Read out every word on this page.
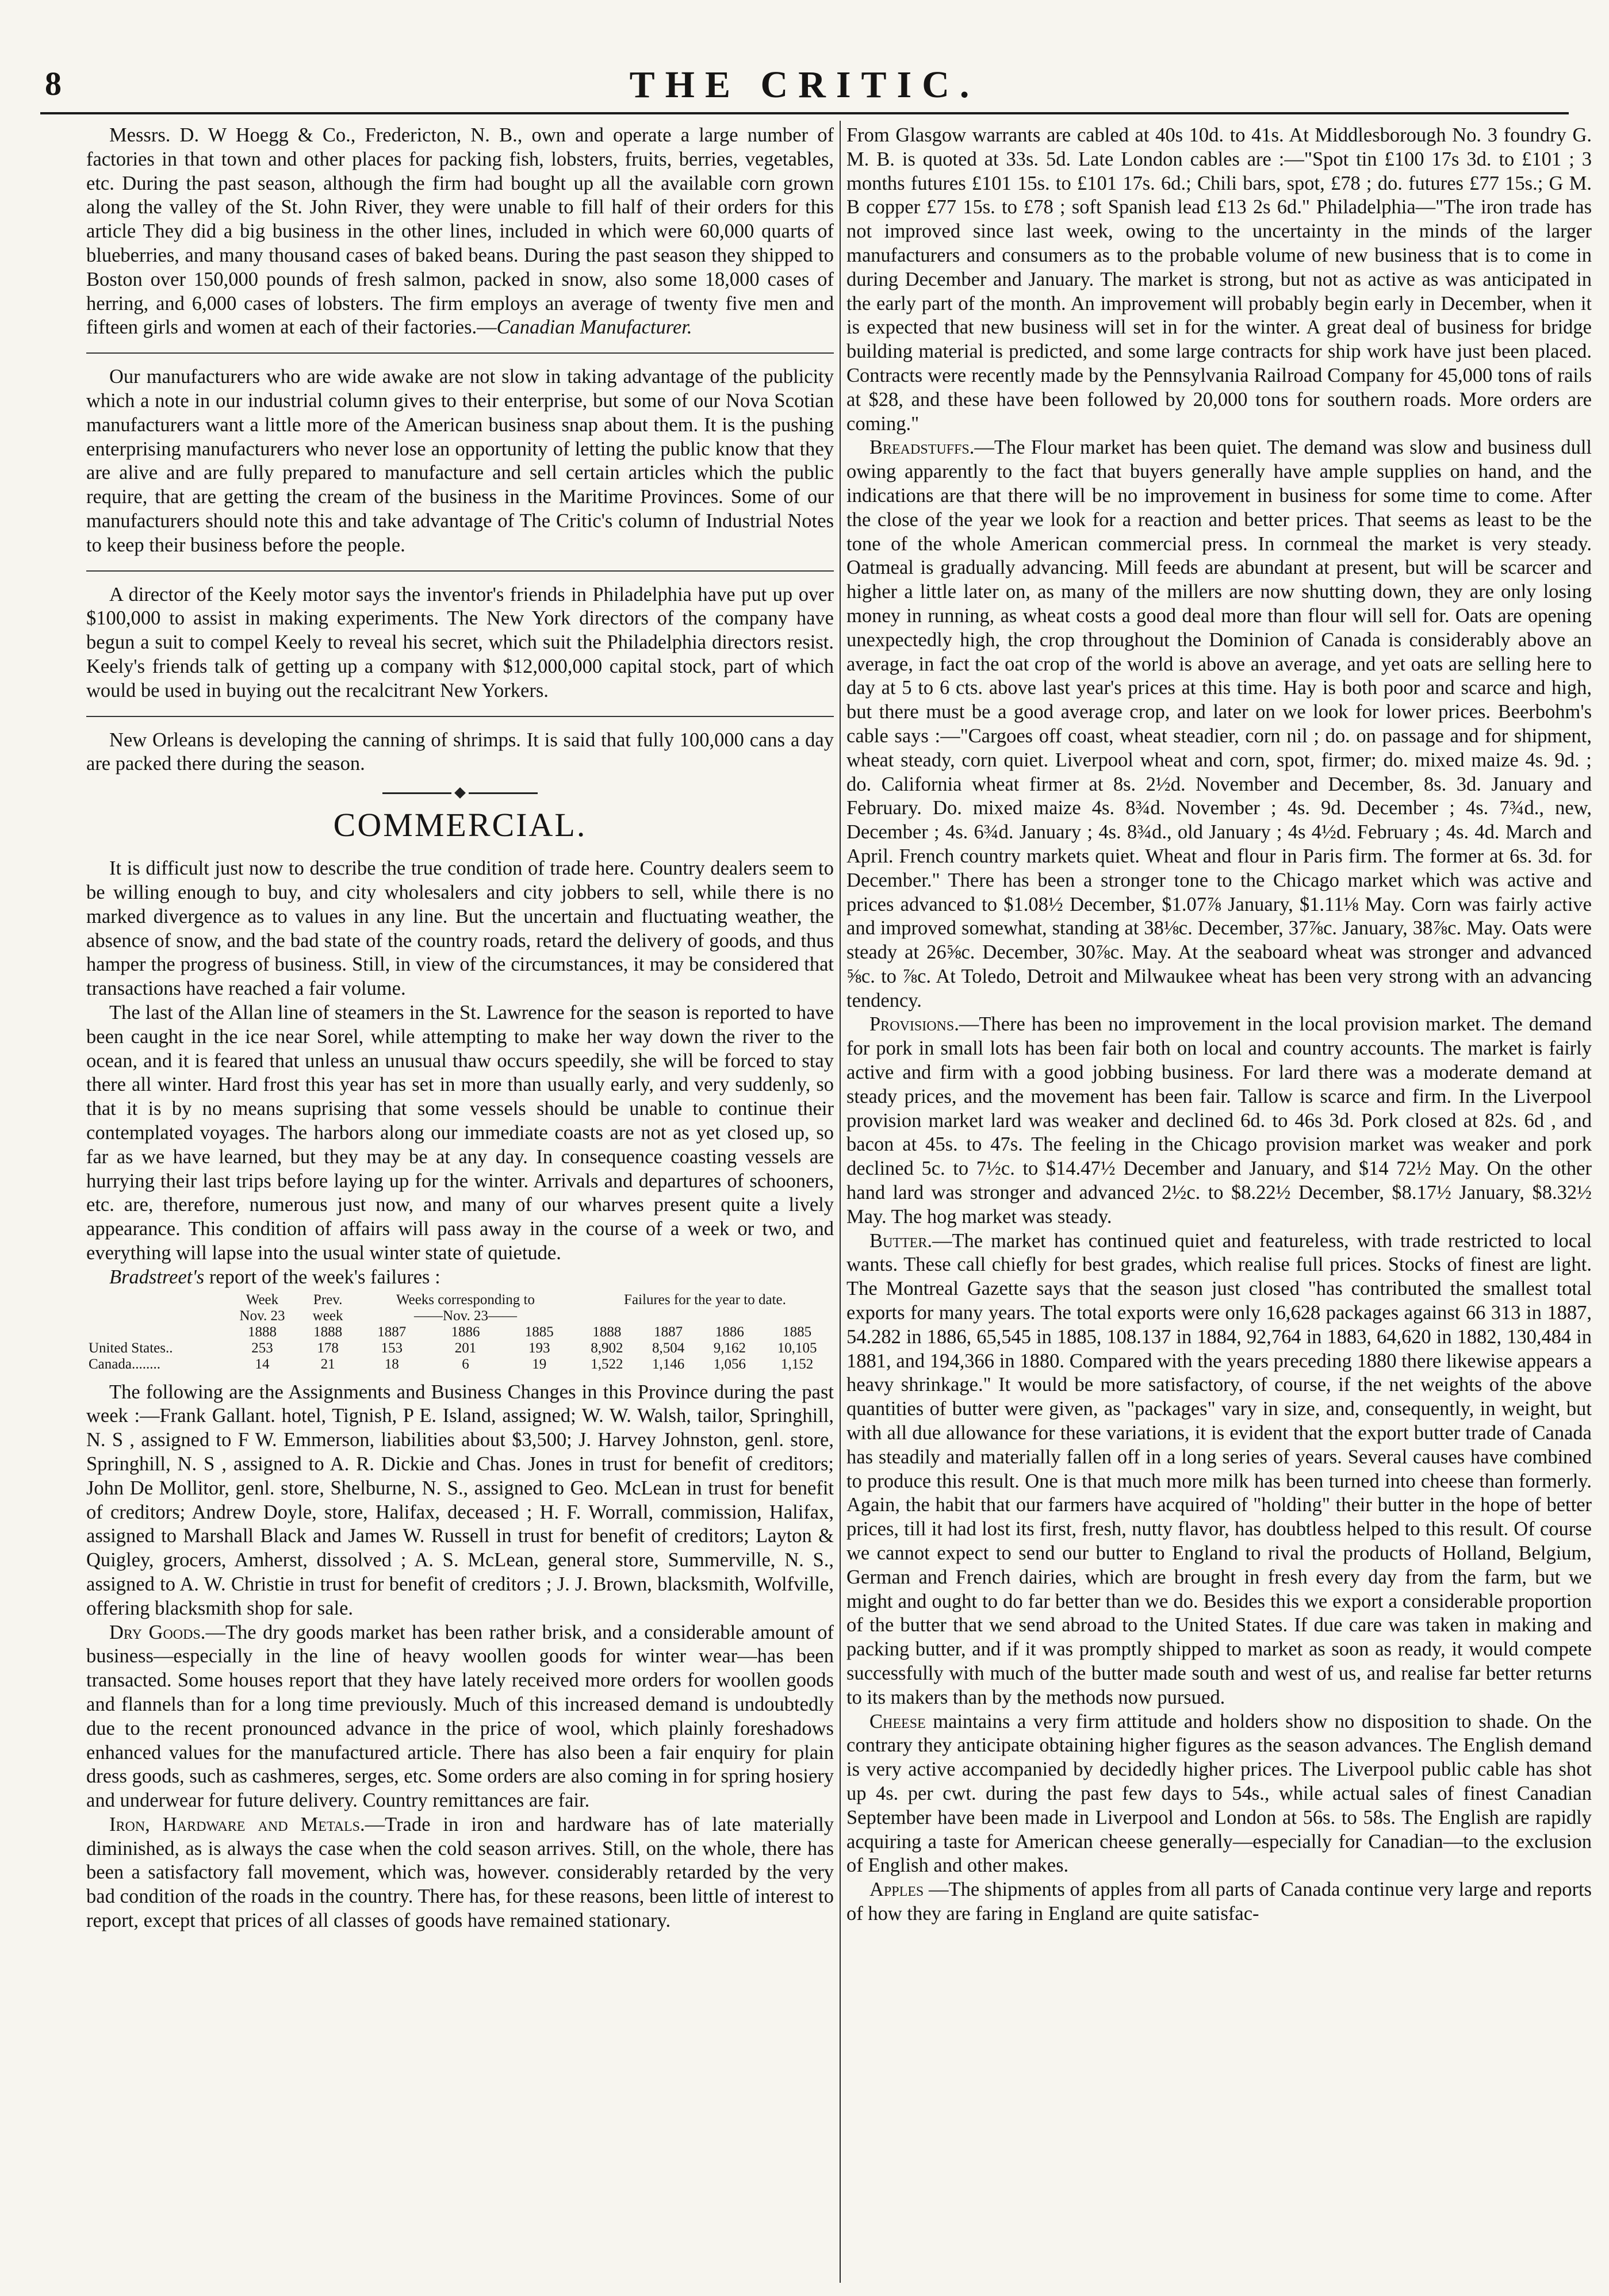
8	THE CRITIC.

Messrs. D. W Hoegg & Co., Fredericton, N. B., own and operate a large number of factories in that town and other places for packing fish, lobsters, fruits, berries, vegetables, etc. During the past season, although the firm had bought up all the available corn grown along the valley of the St. John River, they were unable to fill half of their orders for this article They did a big business in the other lines, included in which were 60,000 quarts of blueberries, and many thousand cases of baked beans. During the past season they shipped to Boston over 150,000 pounds of fresh salmon, packed in snow, also some 18,000 cases of herring, and 6,000 cases of lobsters. The firm employs an average of twenty five men and fifteen girls and women at each of their factories.—Canadian Manufacturer.

Our manufacturers who are wide awake are not slow in taking advantage of the publicity which a note in our industrial column gives to their enterprise, but some of our Nova Scotian manufacturers want a little more of the American business snap about them. It is the pushing enterprising manufacturers who never lose an opportunity of letting the public know that they are alive and are fully prepared to manufacture and sell certain articles which the public require, that are getting the cream of the business in the Maritime Provinces. Some of our manufacturers should note this and take advantage of The Critic's column of Industrial Notes to keep their business before the people.

A director of the Keely motor says the inventor's friends in Philadelphia have put up over $100,000 to assist in making experiments. The New York directors of the company have begun a suit to compel Keely to reveal his secret, which suit the Philadelphia directors resist. Keely's friends talk of getting up a company with $12,000,000 capital stock, part of which would be used in buying out the recalcitrant New Yorkers.

New Orleans is developing the canning of shrimps. It is said that fully 100,000 cans a day are packed there during the season.

COMMERCIAL.

It is difficult just now to describe the true condition of trade here. Country dealers seem to be willing enough to buy, and city wholesalers and city jobbers to sell, while there is no marked divergence as to values in any line. But the uncertain and fluctuating weather, the absence of snow, and the bad state of the country roads, retard the delivery of goods, and thus hamper the progress of business. Still, in view of the circumstances, it may be considered that transactions have reached a fair volume.

The last of the Allan line of steamers in the St. Lawrence for the season is reported to have been caught in the ice near Sorel, while attempting to make her way down the river to the ocean, and it is feared that unless an unusual thaw occurs speedily, she will be forced to stay there all winter. Hard frost this year has set in more than usually early, and very suddenly, so that it is by no means suprising that some vessels should be unable to continue their contemplated voyages. The harbors along our immediate coasts are not as yet closed up, so far as we have learned, but they may be at any day. In consequence coasting vessels are hurrying their last trips before laying up for the winter. Arrivals and departures of schooners, etc. are, therefore, numerous just now, and many of our wharves present quite a lively appearance. This condition of affairs will pass away in the course of a week or two, and everything will lapse into the usual winter state of quietude.

Bradstreet's report of the week's failures :

	Week	Prev.	Weeks corresponding to			Failures for the year to date.			
	Nov. 23	week	——Nov. 23——						
	1888	1888	1887	1886	1885	1888	1887	1886	1885
United States..	253	178	153	201	193	8,902	8,504	9,162	10,105
Canada........	14	21	18	6	19	1,522	1,146	1,056	1,152

The following are the Assignments and Business Changes in this Province during the past week :—Frank Gallant. hotel, Tignish, P E. Island, assigned; W. W. Walsh, tailor, Springhill, N. S , assigned to F W. Emmerson, liabilities about $3,500; J. Harvey Johnston, genl. store, Springhill, N. S , assigned to A. R. Dickie and Chas. Jones in trust for benefit of creditors; John De Mollitor, genl. store, Shelburne, N. S., assigned to Geo. McLean in trust for benefit of creditors; Andrew Doyle, store, Halifax, deceased ; H. F. Worrall, commission, Halifax, assigned to Marshall Black and James W. Russell in trust for benefit of creditors; Layton & Quigley, grocers, Amherst, dissolved ; A. S. McLean, general store, Summerville, N. S., assigned to A. W. Christie in trust for benefit of creditors ; J. J. Brown, blacksmith, Wolfville, offering blacksmith shop for sale.

Dry Goods.—The dry goods market has been rather brisk, and a considerable amount of business—especially in the line of heavy woollen goods for winter wear—has been transacted. Some houses report that they have lately received more orders for woollen goods and flannels than for a long time previously. Much of this increased demand is undoubtedly due to the recent pronounced advance in the price of wool, which plainly foreshadows enhanced values for the manufactured article. There has also been a fair enquiry for plain dress goods, such as cashmeres, serges, etc. Some orders are also coming in for spring hosiery and underwear for future delivery. Country remittances are fair.

Iron, Hardware and Metals.—Trade in iron and hardware has of late materially diminished, as is always the case when the cold season arrives. Still, on the whole, there has been a satisfactory fall movement, which was, however. considerably retarded by the very bad condition of the roads in the country. There has, for these reasons, been little of interest to report, except that prices of all classes of goods have remained stationary.

From Glasgow warrants are cabled at 40s 10d. to 41s. At Middlesborough No. 3 foundry G. M. B. is quoted at 33s. 5d. Late London cables are :—"Spot tin £100 17s 3d. to £101 ; 3 months futures £101 15s. to £101 17s. 6d.; Chili bars, spot, £78 ; do. futures £77 15s.; G M. B copper £77 15s. to £78 ; soft Spanish lead £13 2s 6d." Philadelphia—"The iron trade has not improved since last week, owing to the uncertainty in the minds of the larger manufacturers and consumers as to the probable volume of new business that is to come in during December and January. The market is strong, but not as active as was anticipated in the early part of the month. An improvement will probably begin early in December, when it is expected that new business will set in for the winter. A great deal of business for bridge building material is predicted, and some large contracts for ship work have just been placed. Contracts were recently made by the Pennsylvania Railroad Company for 45,000 tons of rails at $28, and these have been followed by 20,000 tons for southern roads. More orders are coming."

Breadstuffs.—The Flour market has been quiet. The demand was slow and business dull owing apparently to the fact that buyers generally have ample supplies on hand, and the indications are that there will be no improvement in business for some time to come. After the close of the year we look for a reaction and better prices. That seems as least to be the tone of the whole American commercial press. In cornmeal the market is very steady. Oatmeal is gradually advancing. Mill feeds are abundant at present, but will be scarcer and higher a little later on, as many of the millers are now shutting down, they are only losing money in running, as wheat costs a good deal more than flour will sell for. Oats are opening unexpectedly high, the crop throughout the Dominion of Canada is considerably above an average, in fact the oat crop of the world is above an average, and yet oats are selling here to day at 5 to 6 cts. above last year's prices at this time. Hay is both poor and scarce and high, but there must be a good average crop, and later on we look for lower prices. Beerbohm's cable says :—"Cargoes off coast, wheat steadier, corn nil ; do. on passage and for shipment, wheat steady, corn quiet. Liverpool wheat and corn, spot, firmer; do. mixed maize 4s. 9d. ; do. California wheat firmer at 8s. 2½d. November and December, 8s. 3d. January and February. Do. mixed maize 4s. 8¾d. November ; 4s. 9d. December ; 4s. 7¾d., new, December ; 4s. 6¾d. January ; 4s. 8¾d., old January ; 4s 4½d. February ; 4s. 4d. March and April. French country markets quiet. Wheat and flour in Paris firm. The former at 6s. 3d. for December." There has been a stronger tone to the Chicago market which was active and prices advanced to $1.08½ December, $1.07⅞ January, $1.11⅛ May. Corn was fairly active and improved somewhat, standing at 38⅛c. December, 37⅞c. January, 38⅞c. May. Oats were steady at 26⅝c. December, 30⅞c. May. At the seaboard wheat was stronger and advanced ⅝c. to ⅞c. At Toledo, Detroit and Milwaukee wheat has been very strong with an advancing tendency.

Provisions.—There has been no improvement in the local provision market. The demand for pork in small lots has been fair both on local and country accounts. The market is fairly active and firm with a good jobbing business. For lard there was a moderate demand at steady prices, and the movement has been fair. Tallow is scarce and firm. In the Liverpool provision market lard was weaker and declined 6d. to 46s 3d. Pork closed at 82s. 6d , and bacon at 45s. to 47s. The feeling in the Chicago provision market was weaker and pork declined 5c. to 7½c. to $14.47½ December and January, and $14 72½ May. On the other hand lard was stronger and advanced 2½c. to $8.22½ December, $8.17½ January, $8.32½ May. The hog market was steady.

Butter.—The market has continued quiet and featureless, with trade restricted to local wants. These call chiefly for best grades, which realise full prices. Stocks of finest are light. The Montreal Gazette says that the season just closed "has contributed the smallest total exports for many years. The total exports were only 16,628 packages against 66 313 in 1887, 54.282 in 1886, 65,545 in 1885, 108.137 in 1884, 92,764 in 1883, 64,620 in 1882, 130,484 in 1881, and 194,366 in 1880. Compared with the years preceding 1880 there likewise appears a heavy shrinkage." It would be more satisfactory, of course, if the net weights of the above quantities of butter were given, as "packages" vary in size, and, consequently, in weight, but with all due allowance for these variations, it is evident that the export butter trade of Canada has steadily and materially fallen off in a long series of years. Several causes have combined to produce this result. One is that much more milk has been turned into cheese than formerly. Again, the habit that our farmers have acquired of "holding" their butter in the hope of better prices, till it had lost its first, fresh, nutty flavor, has doubtless helped to this result. Of course we cannot expect to send our butter to England to rival the products of Holland, Belgium, German and French dairies, which are brought in fresh every day from the farm, but we might and ought to do far better than we do. Besides this we export a considerable proportion of the butter that we send abroad to the United States. If due care was taken in making and packing butter, and if it was promptly shipped to market as soon as ready, it would compete successfully with much of the butter made south and west of us, and realise far better returns to its makers than by the methods now pursued.

Cheese maintains a very firm attitude and holders show no disposition to shade. On the contrary they anticipate obtaining higher figures as the season advances. The English demand is very active accompanied by decidedly higher prices. The Liverpool public cable has shot up 4s. per cwt. during the past few days to 54s., while actual sales of finest Canadian September have been made in Liverpool and London at 56s. to 58s. The English are rapidly acquiring a taste for American cheese generally—especially for Canadian—to the exclusion of English and other makes.

Apples —The shipments of apples from all parts of Canada continue very large and reports of how they are faring in England are quite satisfac-
